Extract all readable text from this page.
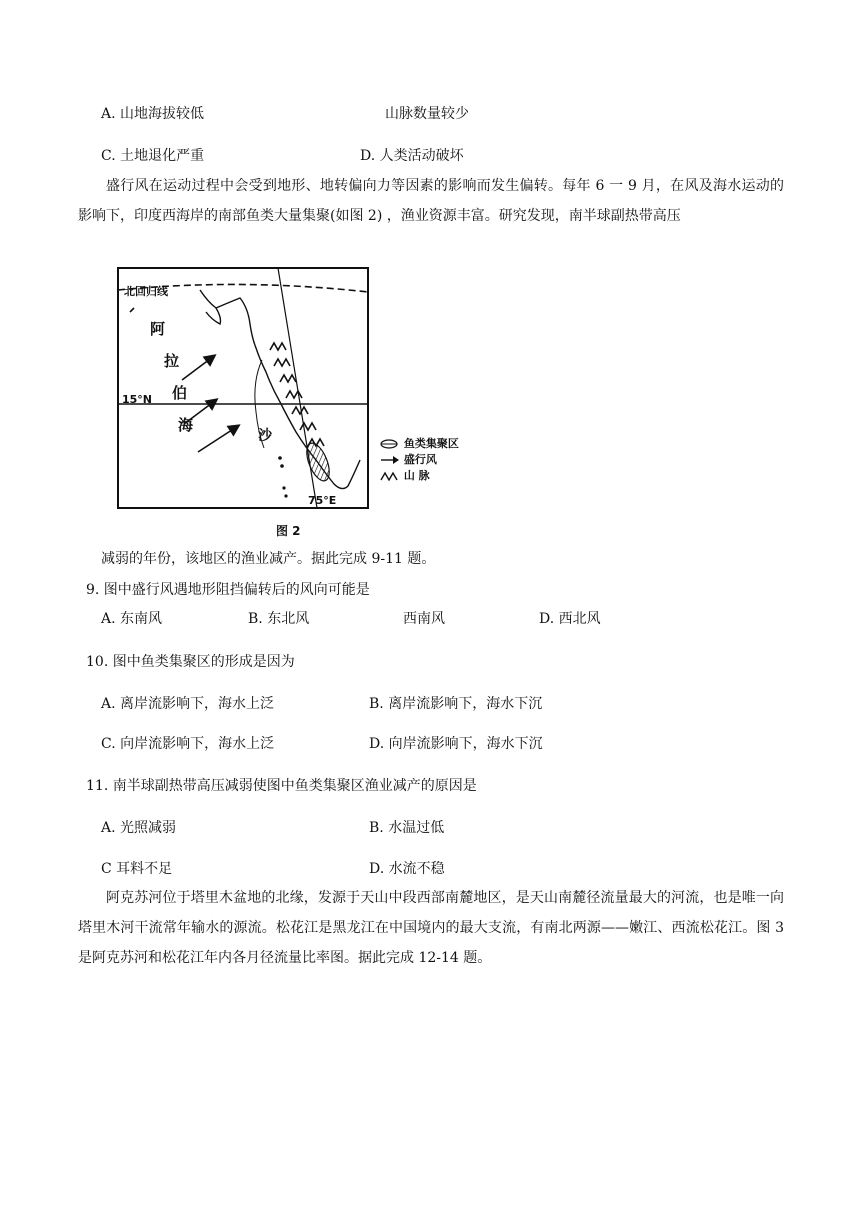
A. 山地海拔较低	山脉数量较少
C. 土地退化严重	D. 人类活动破坏
盛行风在运动过程中会受到地形、地转偏向力等因素的影响而发生偏转。每年 6 一 9 月，在风及海水运动的影响下，印度西海岸的南部鱼类大量集聚(如图 2) ，渔业资源丰富。研究发现，南半球副热带高压
北回归线
阿
拉
伯
海
沙
15°N
75°E
鱼类集聚区
盛行风
山 脉
图 2
减弱的年份，该地区的渔业减产。据此完成 9-11 题。
9. 图中盛行风遇地形阻挡偏转后的风向可能是
A. 东南风	B. 东北风	西南风	D. 西北风
10. 图中鱼类集聚区的形成是因为
A. 离岸流影响下，海水上泛	B. 离岸流影响下，海水下沉
C. 向岸流影响下，海水上泛	D. 向岸流影响下，海水下沉
11. 南半球副热带高压减弱使图中鱼类集聚区渔业减产的原因是
A. 光照减弱	B. 水温过低
C 耳料不足	D. 水流不稳
阿克苏河位于塔里木盆地的北缘，发源于天山中段西部南麓地区，是天山南麓径流量最大的河流，也是唯一向塔里木河干流常年输水的源流。松花江是黑龙江在中国境内的最大支流，有南北两源——嫩江、西流松花江。图 3 是阿克苏河和松花江年内各月径流量比率图。据此完成 12-14 题。
